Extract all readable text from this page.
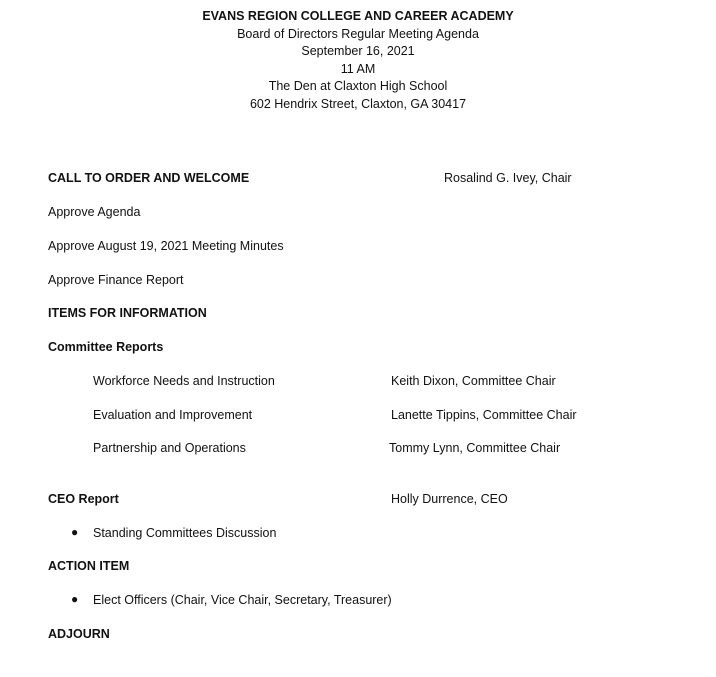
EVANS REGION COLLEGE AND CAREER ACADEMY
Board of Directors Regular Meeting Agenda
September 16, 2021
11 AM
The Den at Claxton High School
602 Hendrix Street, Claxton, GA 30417
CALL TO ORDER AND WELCOME	Rosalind G. Ivey, Chair
Approve Agenda
Approve August 19, 2021 Meeting Minutes
Approve Finance Report
ITEMS FOR INFORMATION
Committee Reports
Workforce Needs and Instruction	Keith Dixon, Committee Chair
Evaluation and Improvement	Lanette Tippins, Committee Chair
Partnership and Operations	Tommy Lynn, Committee Chair
CEO Report	Holly Durrence, CEO
● Standing Committees Discussion
ACTION ITEM
● Elect Officers (Chair, Vice Chair, Secretary, Treasurer)
ADJOURN
